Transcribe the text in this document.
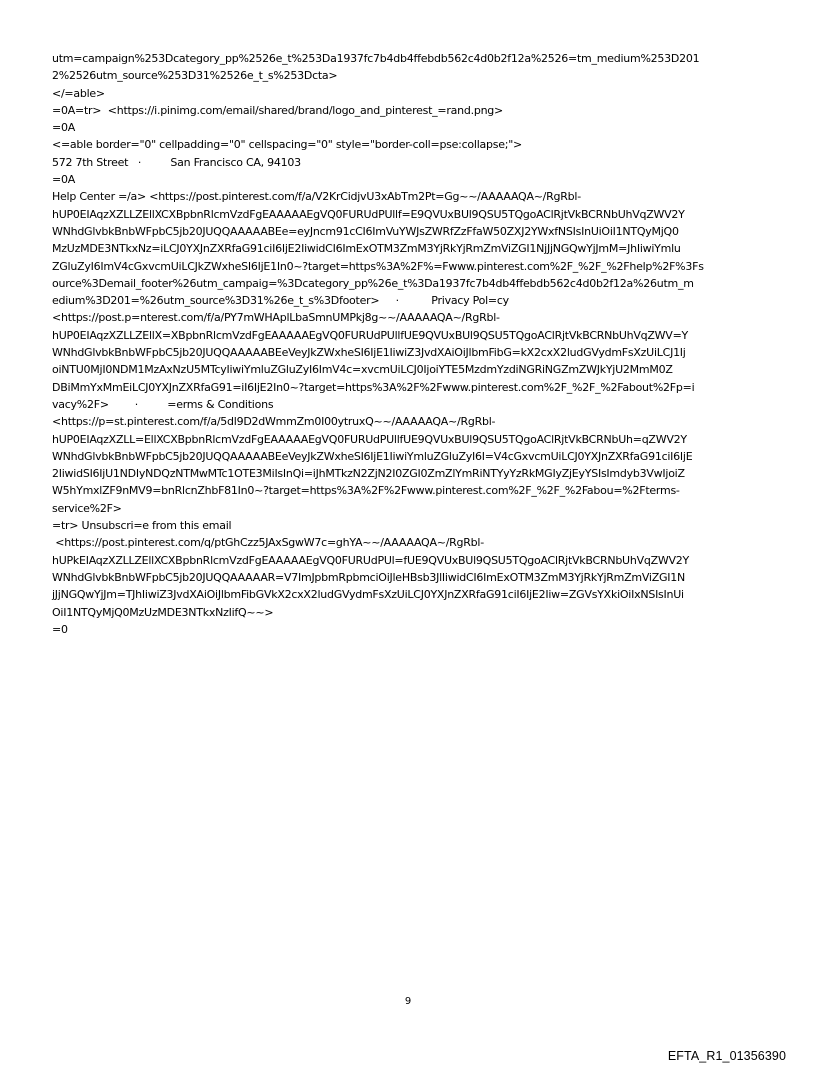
utm=campaign%253Dcategory_pp%2526e_t%253Da1937fc7b4db4ffebdb562c4d0b2f12a%2526=tm_medium%253D201
2%2526utm_source%253D31%2526e_t_s%253Dcta>
</=able>
=0A=tr>  <https://i.pinimg.com/email/shared/brand/logo_and_pinterest_=rand.png>
=0A
<=able border="0" cellpadding="0" cellspacing="0" style="border-coll=pse:collapse;">
572 7th Street   ·         San Francisco CA, 94103
=0A
Help Center =/a> <https://post.pinterest.com/f/a/V2KrCidjvU3xAbTm2Pt=Gg~~/AAAAAQA~/RgRbl-
hUP0EIAqzXZLLZEllXCXBpbnRlcmVzdFgEAAAAAEgVQ0FURUdPUllf=E9QVUxBUl9QSU5TQgoAClRjtVkBCRNbUhVqZWV2Y
WNhdGlvbkBnbWFpbC5jb20JUQQAAAAABEe=eyJncm91cCI6ImVuYWJsZWRfZzFfaW50ZXJ2YWxfNSIsInUiOiI1NTQyMjQ0
MzUzMDE3NTkxNz=iLCJ0YXJnZXRfaG91ciI6IjE2IiwidCI6ImExOTM3ZmM3YjRkYjRmZmViZGI1NjJjNGQwYjJmM=JhIiwiYmlu
ZGluZyI6ImV4cGxvcmUiLCJkZWxheSI6IjE1In0~?target=https%3A%2F%=Fwww.pinterest.com%2F_%2F_%2Fhelp%2F%3Fs
ource%3Demail_footer%26utm_campaig=%3Dcategory_pp%26e_t%3Da1937fc7b4db4ffebdb562c4d0b2f12a%26utm_m
edium%3D201=%26utm_source%3D31%26e_t_s%3Dfooter>     ·          Privacy Pol=cy
<https://post.p=nterest.com/f/a/PY7mWHAplLbaSmnUMPkj8g~~/AAAAAQA~/RgRbl-
hUP0EIAqzXZLLZEllX=XBpbnRlcmVzdFgEAAAAAEgVQ0FURUdPUllfUE9QVUxBUl9QSU5TQgoAClRjtVkBCRNbUhVqZWV=Y
WNhdGlvbkBnbWFpbC5jb20JUQQAAAAABEeVeyJkZWxheSI6IjE1IiwiZ3JvdXAiOiJlbmFibG=kX2cxX2ludGVydmFsXzUiLCJ1Ij
oiNTU0MjI0NDM1MzAxNzU5MTcyIiwiYmluZGluZyI6ImV4c=xvcmUiLCJ0IjoiYTE5MzdmYzdiNGRiNGZmZWJkYjU2MmM0Z
DBiMmYxMmEiLCJ0YXJnZXRfaG91=iI6IjE2In0~?target=https%3A%2F%2Fwww.pinterest.com%2F_%2F_%2Fabout%2Fp=i
vacy%2F>        ·         =erms & Conditions
<https://p=st.pinterest.com/f/a/5dl9D2dWmmZm0I00ytruxQ~~/AAAAAQA~/RgRbl-
hUP0EIAqzXZLL=EllXCXBpbnRlcmVzdFgEAAAAAEgVQ0FURUdPUllfUE9QVUxBUl9QSU5TQgoAClRjtVkBCRNbUh=qZWV2Y
WNhdGlvbkBnbWFpbC5jb20JUQQAAAAABEeVeyJkZWxheSI6IjE1IiwiYmluZGluZyI6I=V4cGxvcmUiLCJ0YXJnZXRfaG91ciI6IjE
2IiwidSI6IjU1NDIyNDQzNTMwMTc1OTE3MiIsInQi=iJhMTkzN2ZjN2I0ZGI0ZmZlYmRiNTYyYzRkMGIyZjEyYSIsImdyb3VwIjoiZ
W5hYmxlZF9nMV9=bnRlcnZhbF81In0~?target=https%3A%2F%2Fwww.pinterest.com%2F_%2F_%2Fabou=%2Fterms-
service%2F>
=tr> Unsubscri=e from this email
<https://post.pinterest.com/q/ptGhCzz5JAxSgwW7c=ghYA~~/AAAAAQA~/RgRbl-
hUPkEIAqzXZLLZEllXCXBpbnRlcmVzdFgEAAAAAEgVQ0FURUdPUl=fUE9QVUxBUl9QSU5TQgoAClRjtVkBCRNbUhVqZWV2Y
WNhdGlvbkBnbWFpbC5jb20JUQQAAAAAR=V7ImJpbmRpbmciOiJleHBsb3JlIiwidCI6ImExOTM3ZmM3YjRkYjRmZmViZGI1N
jJjNGQwYjJm=TJhIiwiZ3JvdXAiOiJlbmFibGVkX2cxX2ludGVydmFsXzUiLCJ0YXJnZXRfaG91ciI6IjE2Iiw=ZGVsYXkiOiIxNSIsInUi
OiI1NTQyMjQ0MzUzMDE3NTkxNzIifQ~~>
=0
9
EFTA_R1_01356390
